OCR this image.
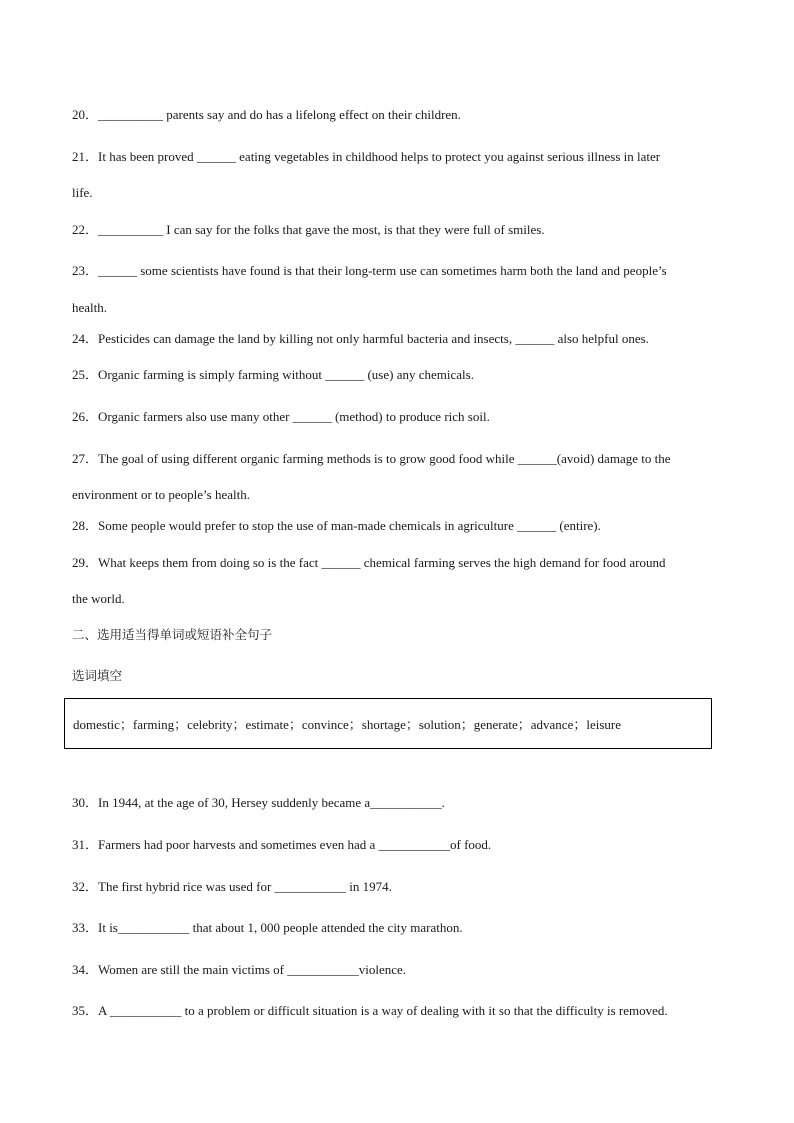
20．__________ parents say and do has a lifelong effect on their children.
21．It has been proved ______ eating vegetables in childhood helps to protect you against serious illness in later
life.
22．__________ I can say for the folks that gave the most, is that they were full of smiles.
23．______ some scientists have found is that their long-term use can sometimes harm both the land and people’s
health.
24．Pesticides can damage the land by killing not only harmful bacteria and insects, ______ also helpful ones.
25．Organic farming is simply farming without ______ (use) any chemicals.
26．Organic farmers also use many other ______ (method) to produce rich soil.
27．The goal of using different organic farming methods is to grow good food while ______(avoid) damage to the
environment or to people’s health.
28．Some people would prefer to stop the use of man-made chemicals in agriculture ______ (entire).
29．What keeps them from doing so is the fact ______ chemical farming serves the high demand for food around
the world.
二、选用适当得单词或短语补全句子
选词填空
domestic；farming；celebrity；estimate；convince；shortage；solution；generate；advance；leisure
30．In 1944, at the age of 30, Hersey suddenly became a___________.
31．Farmers had poor harvests and sometimes even had a ___________of food.
32．The first hybrid rice was used for ___________ in 1974.
33．It is___________ that about 1, 000 people attended the city marathon.
34．Women are still the main victims of ___________violence.
35．A ___________ to a problem or difficult situation is a way of dealing with it so that the difficulty is removed.
